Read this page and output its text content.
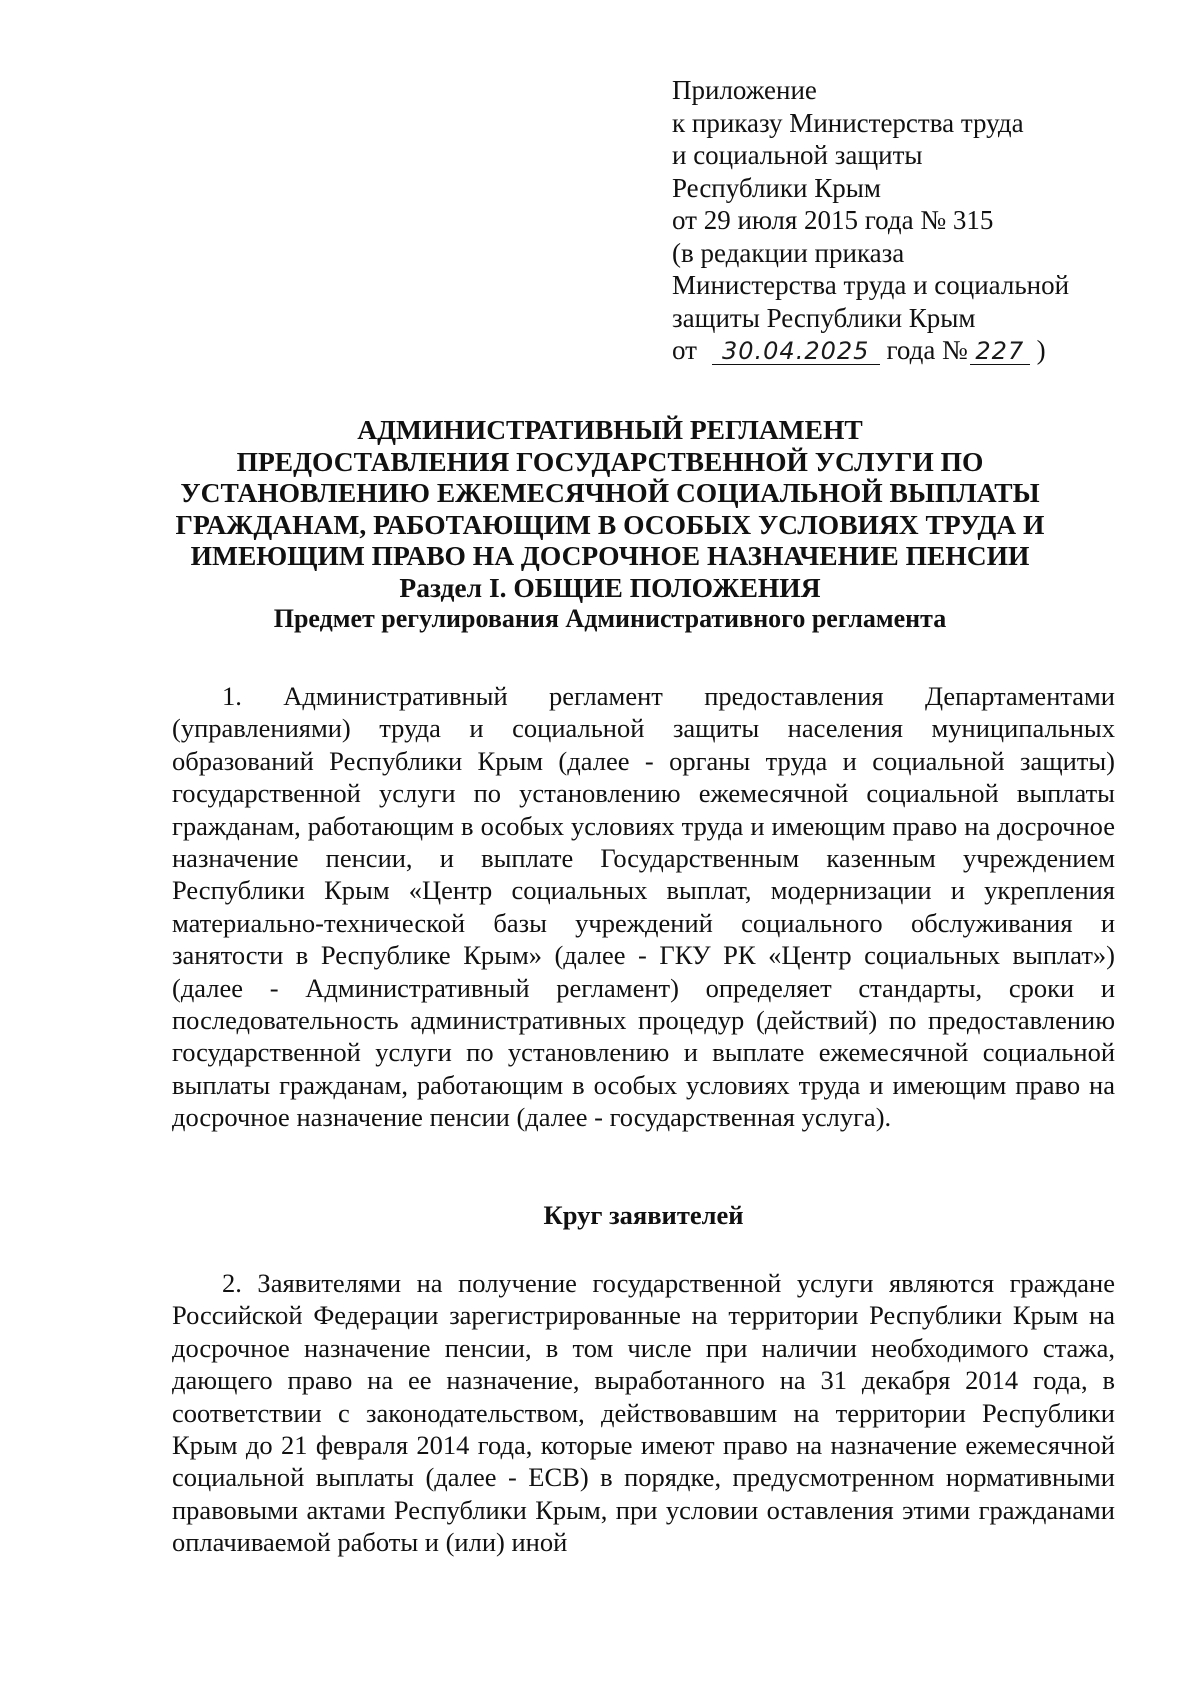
Приложение
к приказу Министерства труда
и социальной защиты
Республики Крым
от 29 июля 2015 года № 315
(в редакции приказа
Министерства труда и социальной
защиты Республики Крым
от 30.04.2025 года № 227 )
АДМИНИСТРАТИВНЫЙ РЕГЛАМЕНТ
ПРЕДОСТАВЛЕНИЯ ГОСУДАРСТВЕННОЙ УСЛУГИ ПО
УСТАНОВЛЕНИЮ ЕЖЕМЕСЯЧНОЙ СОЦИАЛЬНОЙ ВЫПЛАТЫ
ГРАЖДАНАМ, РАБОТАЮЩИМ В ОСОБЫХ УСЛОВИЯХ ТРУДА И
ИМЕЮЩИМ ПРАВО НА ДОСРОЧНОЕ НАЗНАЧЕНИЕ ПЕНСИИ
Раздел I. ОБЩИЕ ПОЛОЖЕНИЯ
Предмет регулирования Административного регламента

1. Административный регламент предоставления Департаментами (управлениями) труда и социальной защиты населения муниципальных образований Республики Крым (далее - органы труда и социальной защиты) государственной услуги по установлению ежемесячной социальной выплаты гражданам, работающим в особых условиях труда и имеющим право на досрочное назначение пенсии, и выплате Государственным казенным учреждением Республики Крым «Центр социальных выплат, модернизации и укрепления материально-технической базы учреждений социального обслуживания и занятости в Республике Крым» (далее - ГКУ РК «Центр социальных выплат») (далее - Административный регламент) определяет стандарты, сроки и последовательность административных процедур (действий) по предоставлению государственной услуги по установлению и выплате ежемесячной социальной выплаты гражданам, работающим в особых условиях труда и имеющим право на досрочное назначение пенсии (далее - государственная услуга).

Круг заявителей

2. Заявителями на получение государственной услуги являются граждане Российской Федерации зарегистрированные на территории Республики Крым на досрочное назначение пенсии, в том числе при наличии необходимого стажа, дающего право на ее назначение, выработанного на 31 декабря 2014 года, в соответствии с законодательством, действовавшим на территории Республики Крым до 21 февраля 2014 года, которые имеют право на назначение ежемесячной социальной выплаты (далее - ЕСВ) в порядке, предусмотренном нормативными правовыми актами Республики Крым, при условии оставления этими гражданами оплачиваемой работы и (или) иной
